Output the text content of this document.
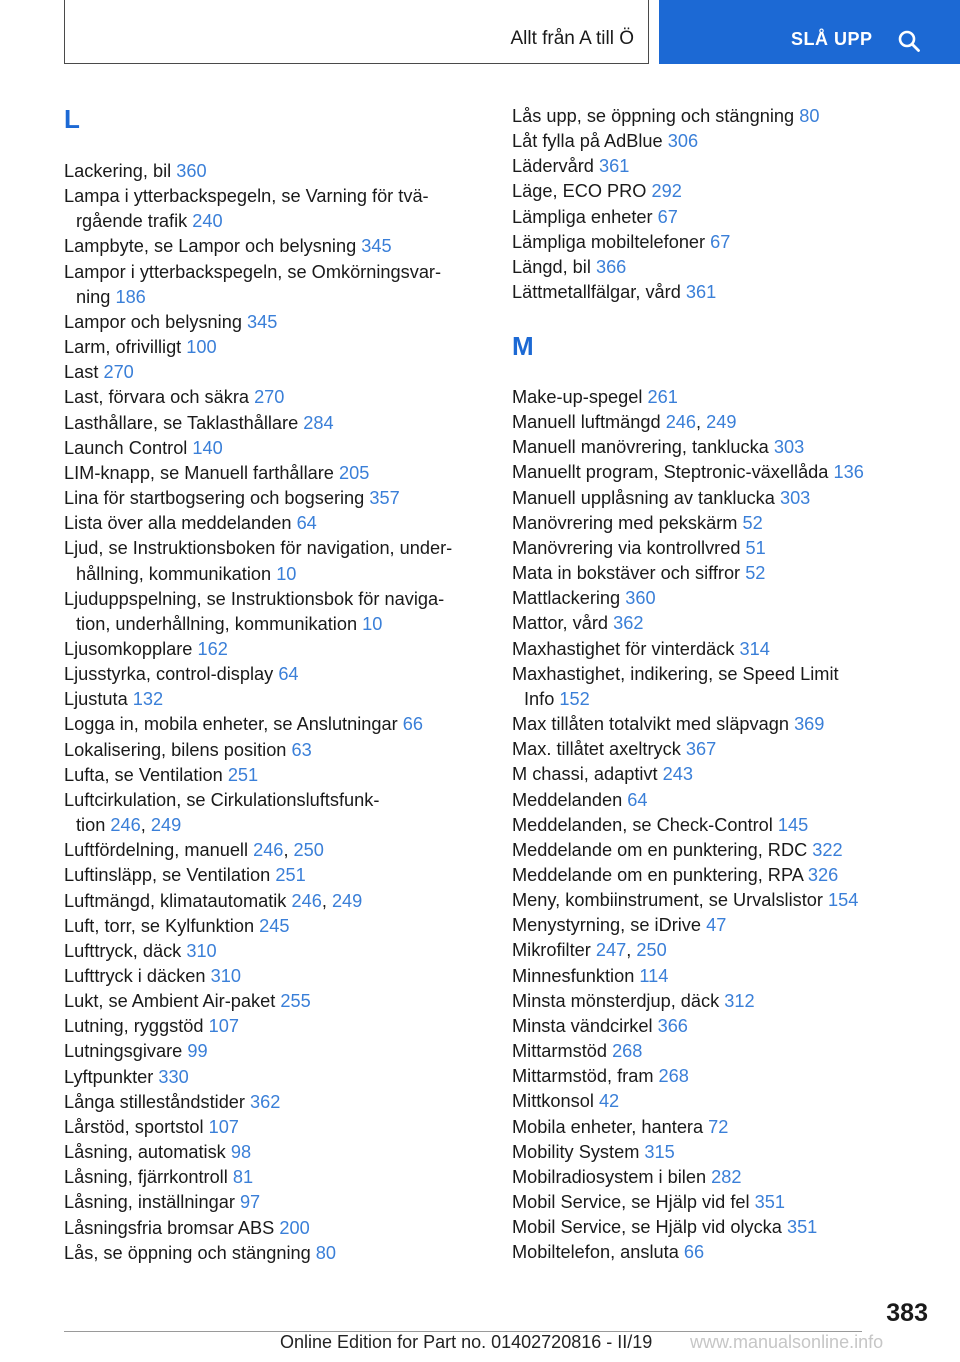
Allt från A till Ö	SLÅ UPP
L
Lackering, bil 360
Lampa i ytterbackspegeln, se Varning för tvä-
rgående trafik 240
Lampbyte, se Lampor och belysning 345
Lampor i ytterbackspegeln, se Omkörningsvar-
ning 186
Lampor och belysning 345
Larm, ofrivilligt 100
Last 270
Last, förvara och säkra 270
Lasthållare, se Taklasthållare 284
Launch Control 140
LIM-knapp, se Manuell farthållare 205
Lina för startbogsering och bogsering 357
Lista över alla meddelanden 64
Ljud, se Instruktionsboken för navigation, under-
hållning, kommunikation 10
Ljuduppspelning, se Instruktionsbok för naviga-
tion, underhållning, kommunikation 10
Ljusomkopplare 162
Ljusstyrka, control-display 64
Ljustuta 132
Logga in, mobila enheter, se Anslutningar 66
Lokalisering, bilens position 63
Lufta, se Ventilation 251
Luftcirkulation, se Cirkulationsluftsfunk-
tion 246, 249
Luftfördelning, manuell 246, 250
Luftinsläpp, se Ventilation 251
Luftmängd, klimatautomatik 246, 249
Luft, torr, se Kylfunktion 245
Lufttryck, däck 310
Lufttryck i däcken 310
Lukt, se Ambient Air-paket 255
Lutning, ryggstöd 107
Lutningsgivare 99
Lyftpunkter 330
Långa stilleståndstider 362
Lårstöd, sportstol 107
Låsning, automatisk 98
Låsning, fjärrkontroll 81
Låsning, inställningar 97
Låsningsfria bromsar ABS 200
Lås, se öppning och stängning 80
Lås upp, se öppning och stängning 80
Låt fylla på AdBlue 306
Lädervård 361
Läge, ECO PRO 292
Lämpliga enheter 67
Lämpliga mobiltelefoner 67
Längd, bil 366
Lättmetallfälgar, vård 361
M
Make-up-spegel 261
Manuell luftmängd 246, 249
Manuell manövrering, tanklucka 303
Manuellt program, Steptronic-växellåda 136
Manuell upplåsning av tanklucka 303
Manövrering med pekskärm 52
Manövrering via kontrollvred 51
Mata in bokstäver och siffror 52
Mattlackering 360
Mattor, vård 362
Maxhastighet för vinterdäck 314
Maxhastighet, indikering, se Speed Limit
Info 152
Max tillåten totalvikt med släpvagn 369
Max. tillåtet axeltryck 367
M chassi, adaptivt 243
Meddelanden 64
Meddelanden, se Check-Control 145
Meddelande om en punktering, RDC 322
Meddelande om en punktering, RPA 326
Meny, kombiinstrument, se Urvalslistor 154
Menystyrning, se iDrive 47
Mikrofilter 247, 250
Minnesfunktion 114
Minsta mönsterdjup, däck 312
Minsta vändcirkel 366
Mittarmstöd 268
Mittarmstöd, fram 268
Mittkonsol 42
Mobila enheter, hantera 72
Mobility System 315
Mobilradiosystem i bilen 282
Mobil Service, se Hjälp vid fel 351
Mobil Service, se Hjälp vid olycka 351
Mobiltelefon, ansluta 66
383
Online Edition for Part no. 01402720816 - II/19 www.manualsonline.info
